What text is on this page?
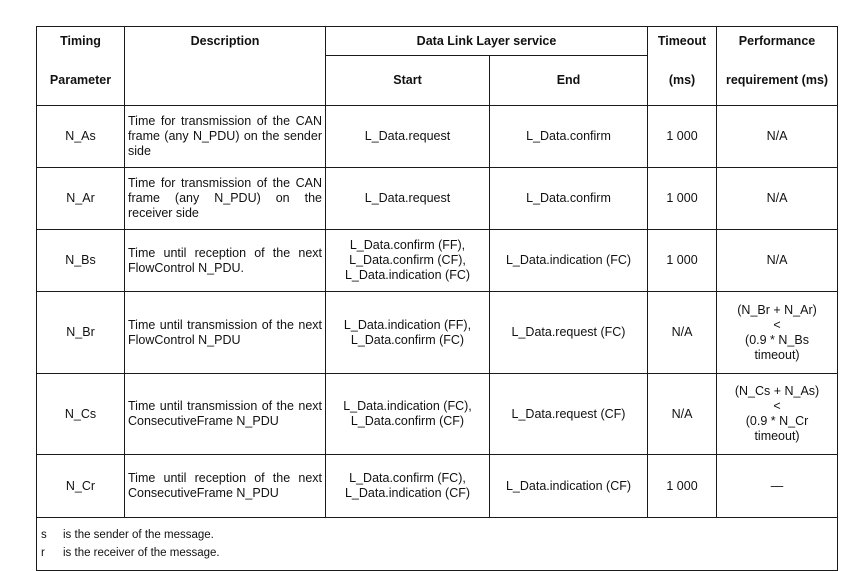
Timing	Description	Data Link Layer service		Timeout	Performance
Parameter		Start	End	(ms)	requirement (ms)
N_As	Time for transmission of the CAN frame (any N_PDU) on the sender side	L_Data.request	L_Data.confirm	1 000	N/A

N_Ar	Time for transmission of the CAN frame (any N_PDU) on the receiver side	L_Data.request	L_Data.confirm	1 000	N/A

N_Bs	Time until reception of the next FlowControl N_PDU.	L_Data.confirm (FF),
L_Data.confirm (CF),
L_Data.indication (FC)	L_Data.indication (FC)	1 000	N/A

N_Br	Time until transmission of the next FlowControl N_PDU	L_Data.indication (FF),
L_Data.confirm (FC)	L_Data.request (FC)	N/A	(N_Br + N_Ar)
<
(0.9 * N_Bs
timeout)

N_Cs	Time until transmission of the next ConsecutiveFrame N_PDU	L_Data.indication (FC),
L_Data.confirm (CF)	L_Data.request (CF)	N/A	(N_Cs + N_As)
<
(0.9 * N_Cr
timeout)

N_Cr	Time until reception of the next ConsecutiveFrame N_PDU	L_Data.confirm (FC),
L_Data.indication (CF)	L_Data.indication (CF)	1 000	—

s is the sender of the message.
r is the receiver of the message.					
